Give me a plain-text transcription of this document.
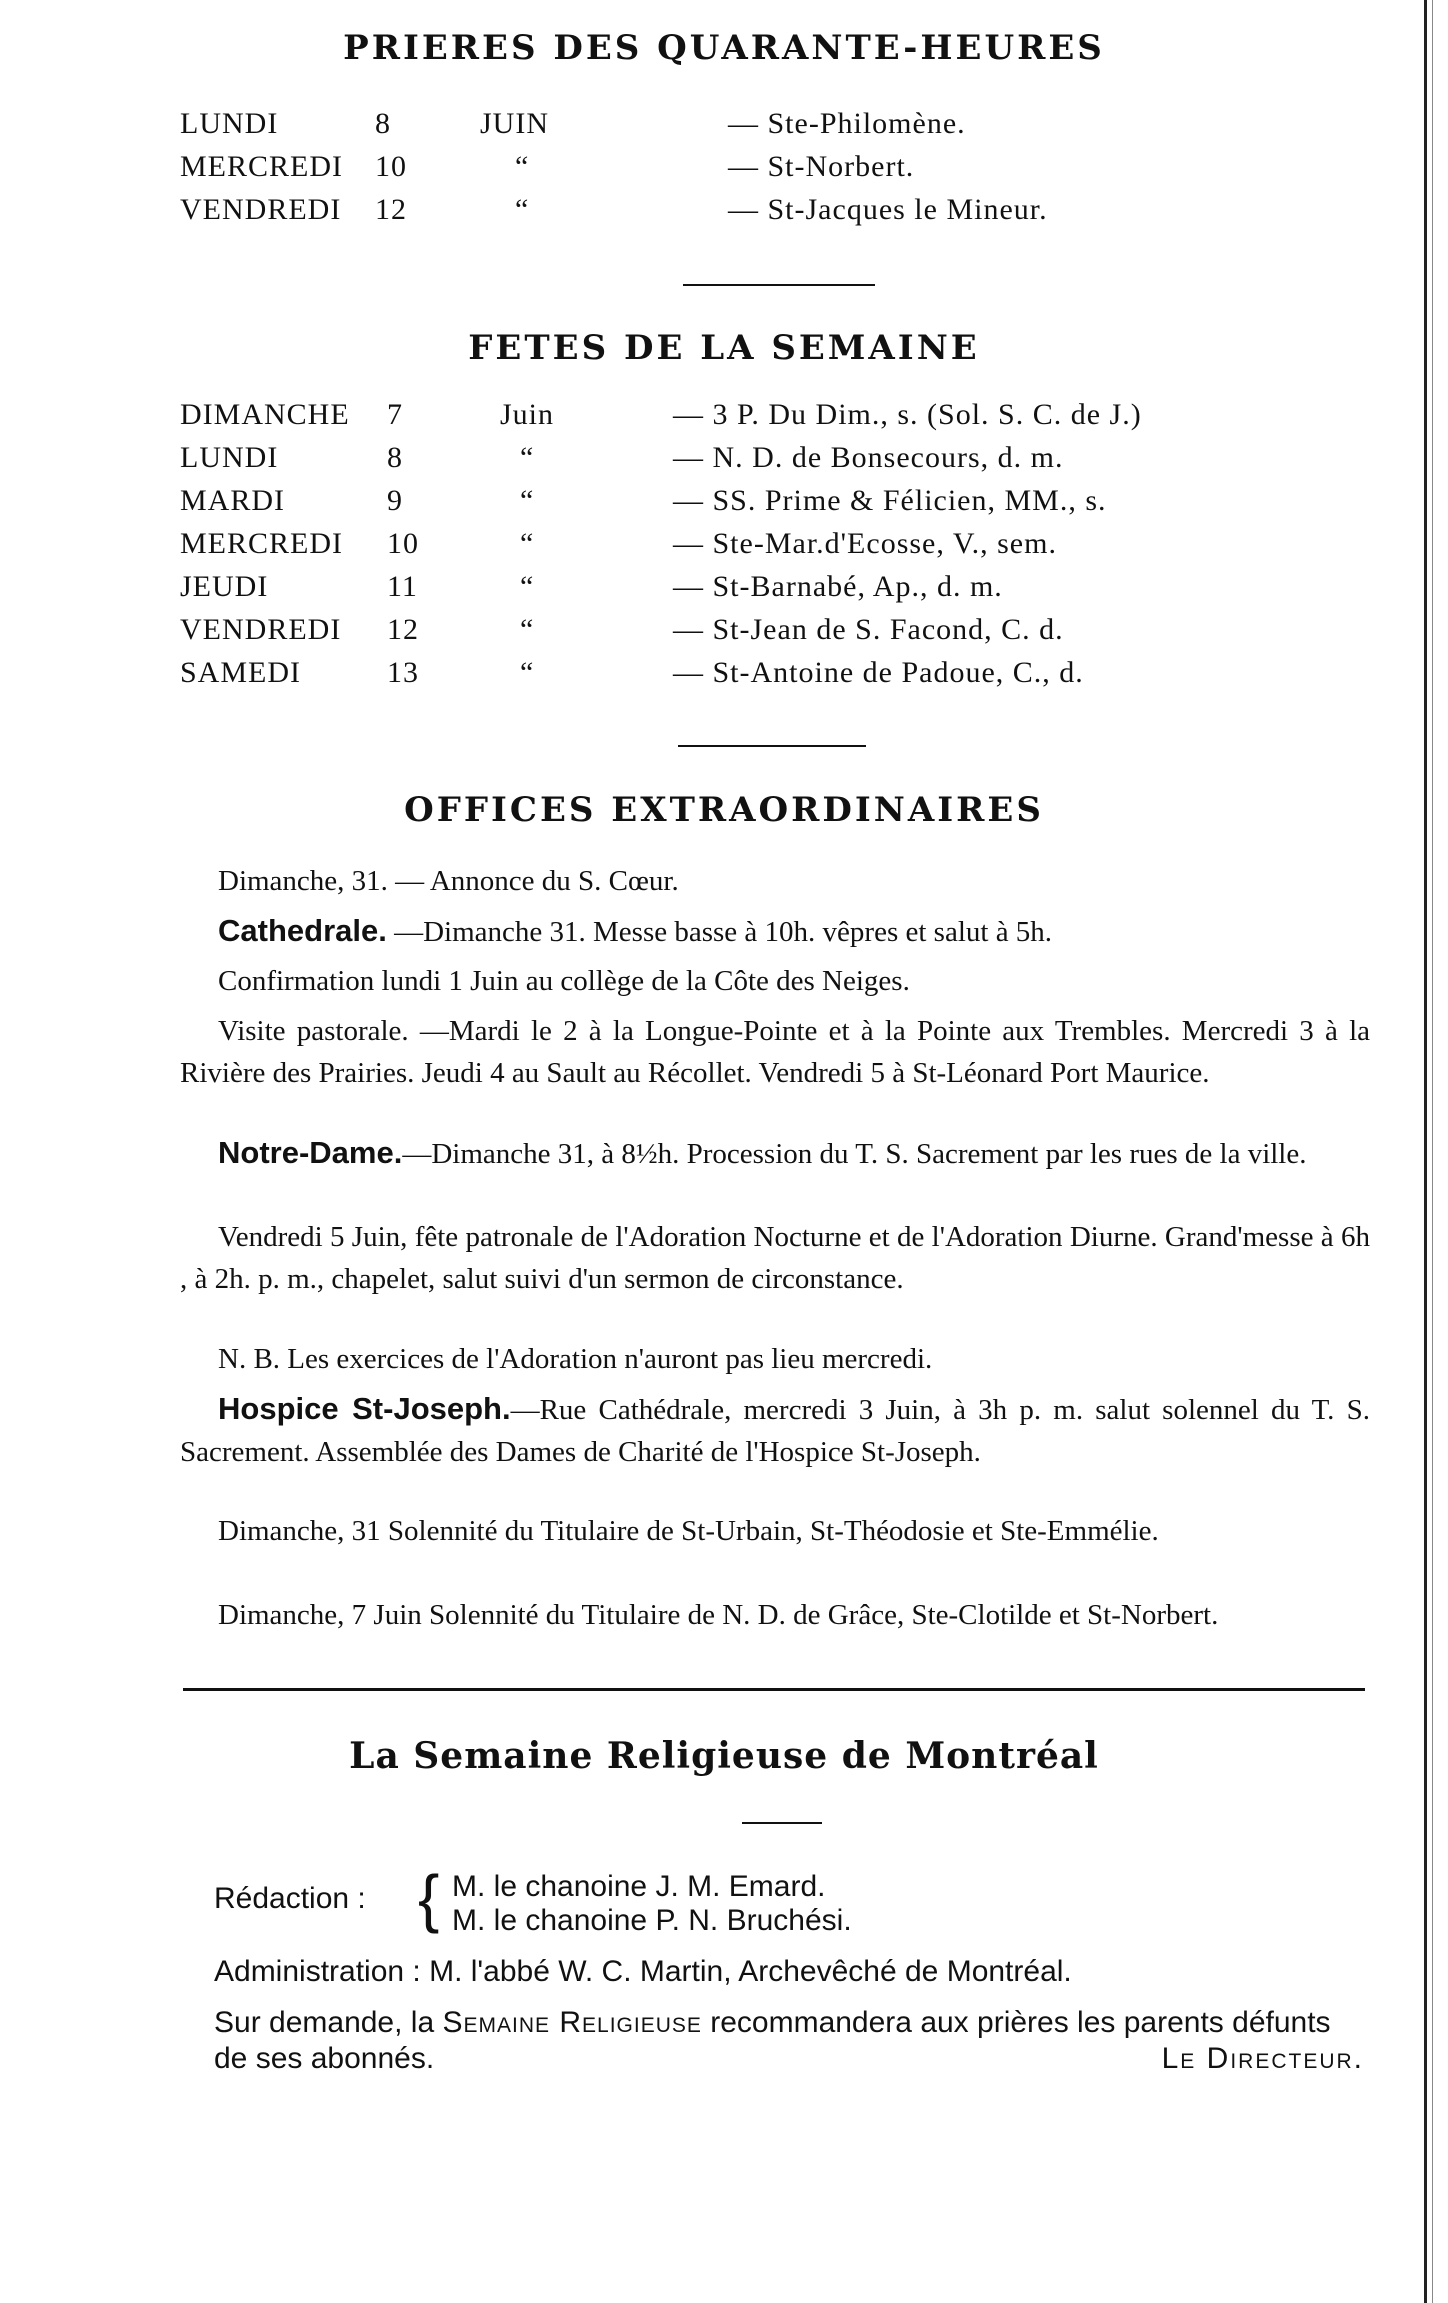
PRIERES DES QUARANTE-HEURES
LUNDI	8	JUIN	— Ste-Philomène.
MERCREDI 10	“	— St-Norbert.
VENDREDI 12	“	— St-Jacques le Mineur.
FETES DE LA SEMAINE
DIMANCHE 7	Juin	— 3 P. Du Dim., s. (Sol. S. C. de J.)
LUNDI	8	“	— N. D. de Bonsecours, d. m.
MARDI	9	“	— SS. Prime & Félicien, MM., s.
MERCREDI 10	“	— Ste-Mar.d'Ecosse, V., sem.
JEUDI	11	“	— St-Barnabé, Ap., d. m.
VENDREDI 12	“	— St-Jean de S. Facond, C. d.
SAMEDI	13	“	— St-Antoine de Padoue, C., d.
OFFICES EXTRAORDINAIRES
Dimanche, 31. — Annonce du S. Cœur.
Cathedrale. —Dimanche 31. Messe basse à 10h. vêpres et salut à 5h.
Confirmation lundi 1 Juin au collège de la Côte des Neiges.
Visite pastorale. —Mardi le 2 à la Longue-Pointe et à la Pointe aux Trembles. Mercredi 3 à la Rivière des Prairies. Jeudi 4 au Sault au Récollet. Vendredi 5 à St-Léonard Port Maurice.
Notre-Dame.—Dimanche 31, à 8½h. Procession du T. S. Sacrement par les rues de la ville.
Vendredi 5 Juin, fête patronale de l'Adoration Nocturne et de l'Adoration Diurne. Grand'messe à 6h , à 2h. p. m., chapelet, salut suivi d'un sermon de circonstance.
N. B. Les exercices de l'Adoration n'auront pas lieu mercredi.
Hospice St-Joseph.—Rue Cathédrale, mercredi 3 Juin, à 3h p. m. salut solennel du T. S. Sacrement. Assemblée des Dames de Charité de l'Hospice St-Joseph.
Dimanche, 31 Solennité du Titulaire de St-Urbain, St-Théodosie et Ste-Emmélie.
Dimanche, 7 Juin Solennité du Titulaire de N. D. de Grâce, Ste-Clotilde et St-Norbert.
La Semaine Religieuse de Montréal
Rédaction : { M. le chanoine J. M. Emard.
M. le chanoine P. N. Bruchési.
Administration : M. l'abbé W. C. Martin, Archevêché de Montréal.
Sur demande, la Semaine Religieuse recommandera aux prières les parents défunts de ses abonnés.	Le Directeur.
